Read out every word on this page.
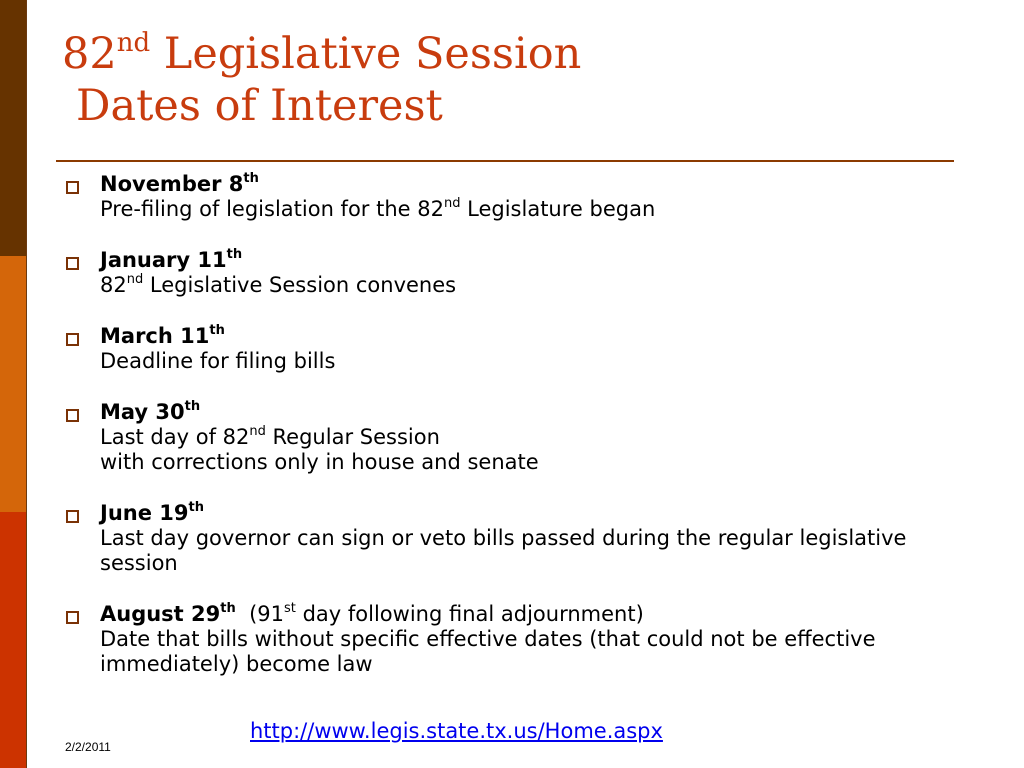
82nd Legislative Session
Dates of Interest
November 8th
Pre-filing of legislation for the 82nd Legislature began
January 11th
82nd Legislative Session convenes
March 11th
Deadline for filing bills
May 30th
Last day of 82nd Regular Session
with corrections only in house and senate
June 19th
Last day governor can sign or veto bills passed during the regular legislative session
August 29th (91st day following final adjournment)
Date that bills without specific effective dates (that could not be effective immediately) become law
2/2/2011
http://www.legis.state.tx.us/Home.aspx
